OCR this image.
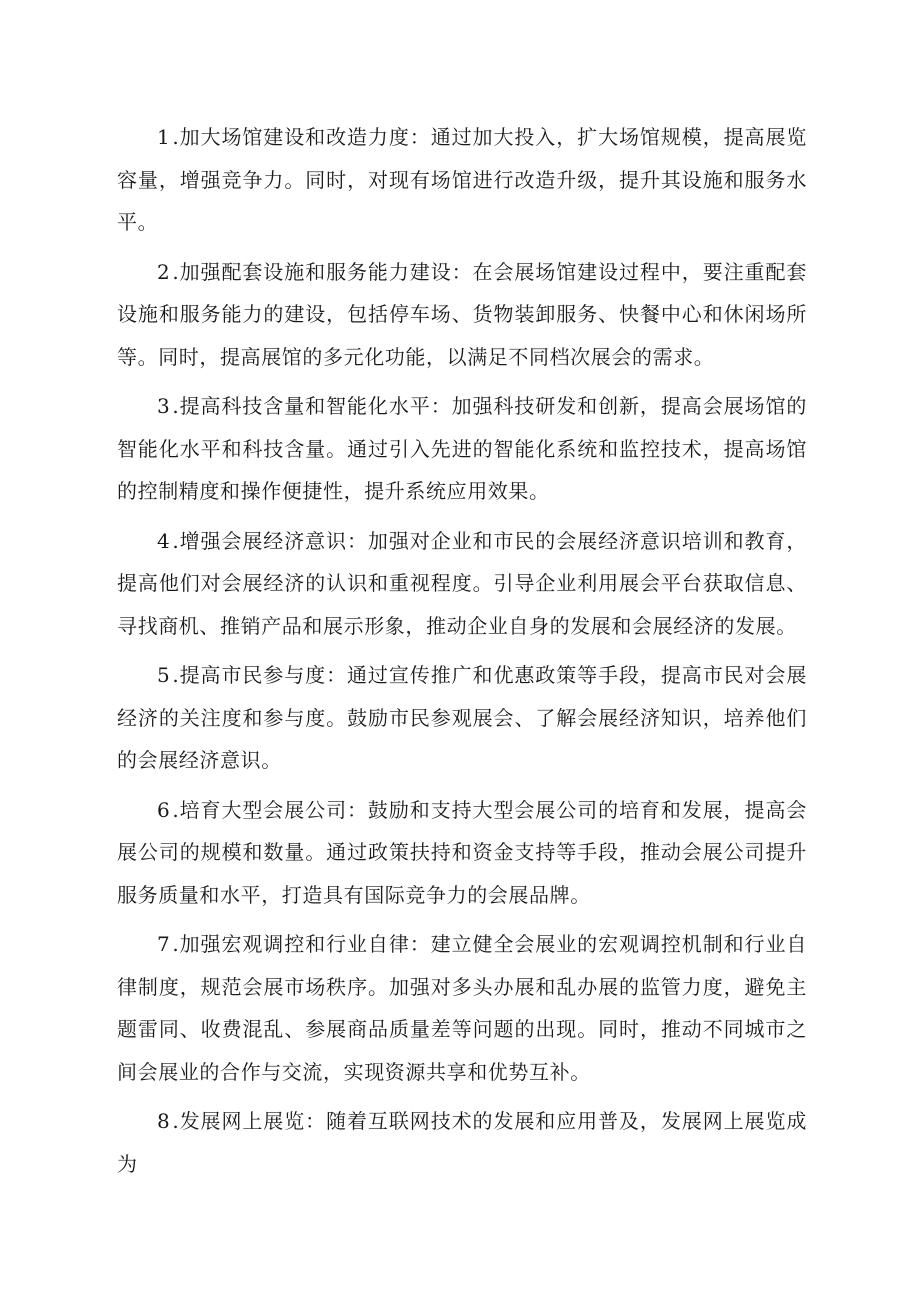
1 .加大场馆建设和改造力度：通过加大投入，扩大场馆规模，提高展览容量，增强竞争力。同时，对现有场馆进行改造升级，提升其设施和服务水平。

2 .加强配套设施和服务能力建设：在会展场馆建设过程中，要注重配套设施和服务能力的建设，包括停车场、货物装卸服务、快餐中心和休闲场所等。同时，提高展馆的多元化功能，以满足不同档次展会的需求。

3 .提高科技含量和智能化水平：加强科技研发和创新，提高会展场馆的智能化水平和科技含量。通过引入先进的智能化系统和监控技术，提高场馆的控制精度和操作便捷性，提升系统应用效果。

4 .增强会展经济意识：加强对企业和市民的会展经济意识培训和教育，提高他们对会展经济的认识和重视程度。引导企业利用展会平台获取信息、寻找商机、推销产品和展示形象，推动企业自身的发展和会展经济的发展。

5 .提高市民参与度：通过宣传推广和优惠政策等手段，提高市民对会展经济的关注度和参与度。鼓励市民参观展会、了解会展经济知识，培养他们的会展经济意识。

6 .培育大型会展公司：鼓励和支持大型会展公司的培育和发展，提高会展公司的规模和数量。通过政策扶持和资金支持等手段，推动会展公司提升服务质量和水平，打造具有国际竞争力的会展品牌。

7 .加强宏观调控和行业自律：建立健全会展业的宏观调控机制和行业自律制度，规范会展市场秩序。加强对多头办展和乱办展的监管力度，避免主题雷同、收费混乱、参展商品质量差等问题的出现。同时，推动不同城市之间会展业的合作与交流，实现资源共享和优势互补。

8 .发展网上展览：随着互联网技术的发展和应用普及，发展网上展览成为
